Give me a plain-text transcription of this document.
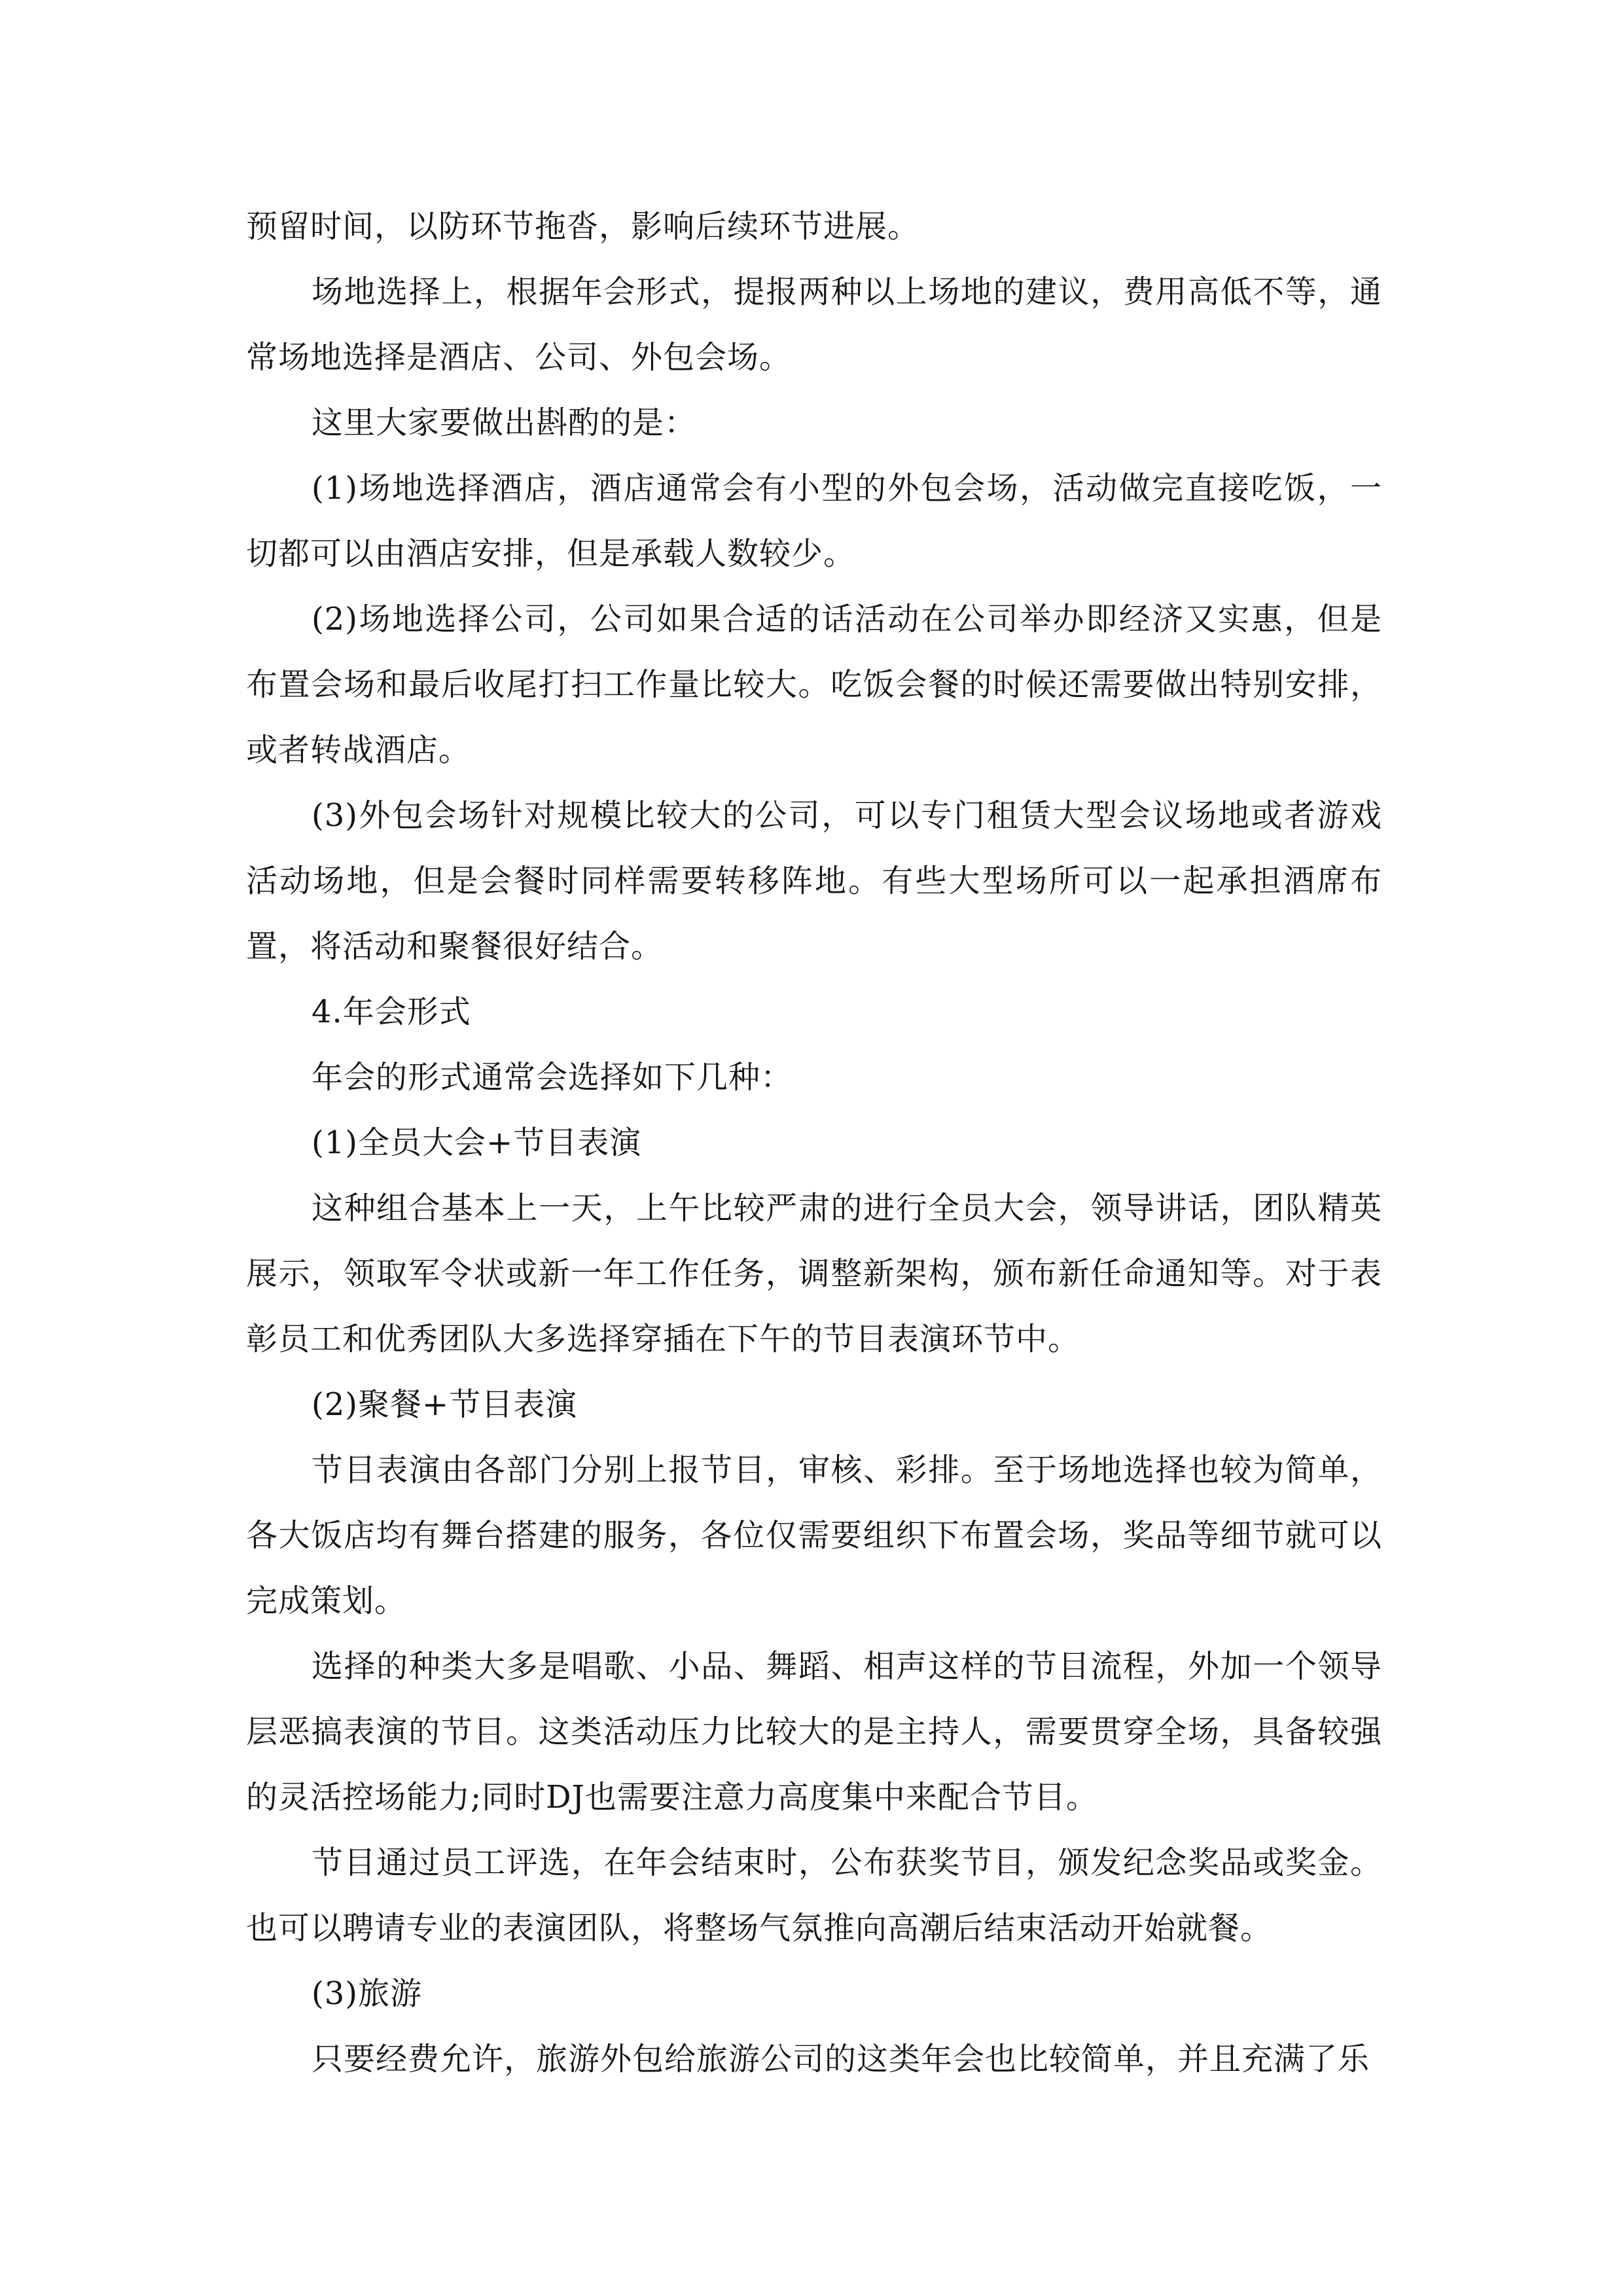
预留时间，以防环节拖沓，影响后续环节进展。

场地选择上，根据年会形式，提报两种以上场地的建议，费用高低不等，通常场地选择是酒店、公司、外包会场。

这里大家要做出斟酌的是：

(1)场地选择酒店，酒店通常会有小型的外包会场，活动做完直接吃饭，一切都可以由酒店安排，但是承载人数较少。

(2)场地选择公司，公司如果合适的话活动在公司举办即经济又实惠，但是布置会场和最后收尾打扫工作量比较大。吃饭会餐的时候还需要做出特别安排，或者转战酒店。

(3)外包会场针对规模比较大的公司，可以专门租赁大型会议场地或者游戏活动场地，但是会餐时同样需要转移阵地。有些大型场所可以一起承担酒席布置，将活动和聚餐很好结合。

4.年会形式

年会的形式通常会选择如下几种：

(1)全员大会+节目表演

这种组合基本上一天，上午比较严肃的进行全员大会，领导讲话，团队精英展示，领取军令状或新一年工作任务，调整新架构，颁布新任命通知等。对于表彰员工和优秀团队大多选择穿插在下午的节目表演环节中。

(2)聚餐+节目表演

节目表演由各部门分别上报节目，审核、彩排。至于场地选择也较为简单，各大饭店均有舞台搭建的服务，各位仅需要组织下布置会场，奖品等细节就可以完成策划。

选择的种类大多是唱歌、小品、舞蹈、相声这样的节目流程，外加一个领导层恶搞表演的节目。这类活动压力比较大的是主持人，需要贯穿全场，具备较强的灵活控场能力;同时DJ也需要注意力高度集中来配合节目。

节目通过员工评选，在年会结束时，公布获奖节目，颁发纪念奖品或奖金。也可以聘请专业的表演团队，将整场气氛推向高潮后结束活动开始就餐。

(3)旅游

只要经费允许，旅游外包给旅游公司的这类年会也比较简单，并且充满了乐
